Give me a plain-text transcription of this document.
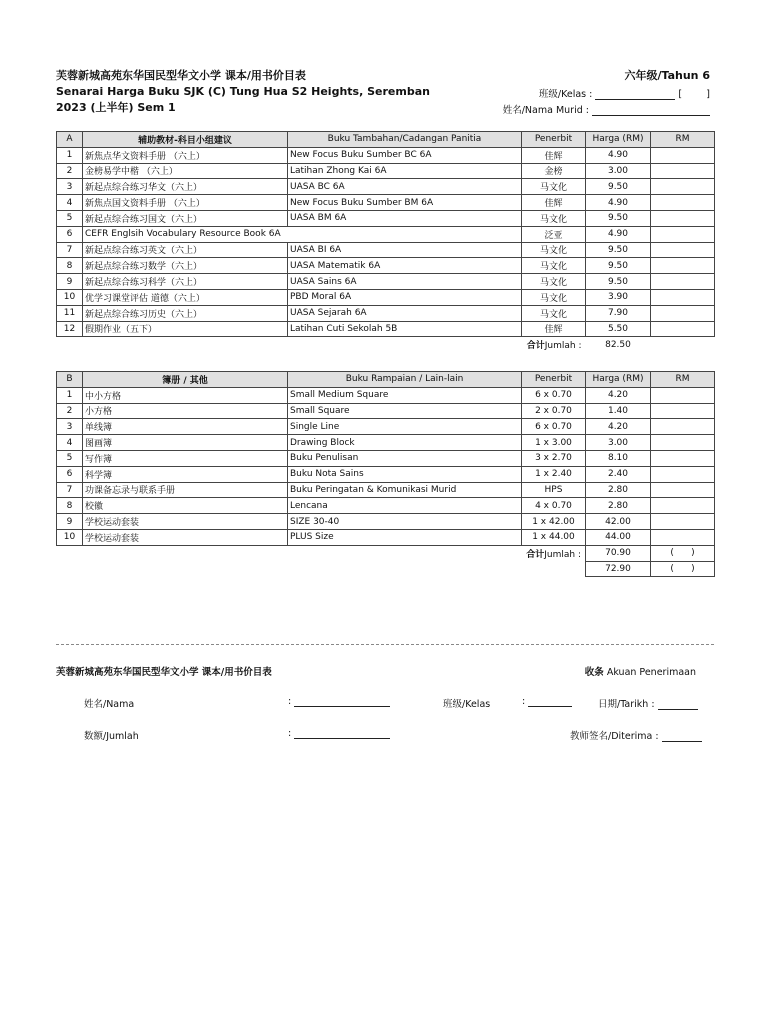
芙蓉新城高苑东华国民型华文小学 课本/用书价目表
Senarai Harga Buku SJK (C) Tung Hua S2 Heights, Seremban
2023 (上半年) Sem 1
六年级/Tahun 6
班级/Kelas :	[        ]
姓名/Nama Murid :
A	辅助教材-科目小组建议	Buku Tambahan/Cadangan Panitia	Penerbit	Harga (RM)	RM
1	新焦点华文资料手册 （六上）	New Focus Buku Sumber BC 6A	佳辉	4.90	
2	金榜易学中楷 （六上）	Latihan Zhong Kai 6A	金榜	3.00	
3	新起点综合练习华文（六上）	UASA BC 6A	马文化	9.50	
4	新焦点国文资料手册 （六上）	New Focus Buku Sumber BM 6A	佳辉	4.90	
5	新起点综合练习国文（六上）	UASA BM 6A	马文化	9.50	
6	CEFR Englsih Vocabulary Resource Book 6A		泛亚	4.90	
7	新起点综合练习英文（六上）	UASA BI 6A	马文化	9.50	
8	新起点综合练习数学（六上）	UASA Matematik 6A	马文化	9.50	
9	新起点综合练习科学（六上）	UASA Sains 6A	马文化	9.50	
10	优学习课堂评估 道德（六上）	PBD Moral 6A	马文化	3.90	
11	新起点综合练习历史（六上）	UASA Sejarah 6A	马文化	7.90	
12	假期作业（五下）	Latihan Cuti Sekolah 5B	佳辉	5.50	
			合计Jumlah :	82.50	
B	簿册 / 其他	Buku Rampaian / Lain-lain	Penerbit	Harga (RM)	RM
1	中小方格	Small Medium Square	6 x 0.70	4.20	
2	小方格	Small Square	2 x 0.70	1.40	
3	单线簿	Single Line	6 x 0.70	4.20	
4	图画簿	Drawing Block	1 x 3.00	3.00	
5	写作簿	Buku Penulisan	3 x 2.70	8.10	
6	科学簿	Buku Nota Sains	1 x 2.40	2.40	
7	功课备忘录与联系手册	Buku Peringatan & Komunikasi Murid	HPS	2.80	
8	校徽	Lencana	4 x 0.70	2.80	
9	学校运动套装	SIZE 30-40	1 x 42.00	42.00	
10	学校运动套装	PLUS Size	1 x 44.00	44.00	
			合计Jumlah :	70.90	(      )
				72.90	(      )
芙蓉新城高苑东华国民型华文小学 课本/用书价目表	收条 Akuan Penerimaan
姓名/Nama	:	班级/Kelas	:	日期/Tarikh :
数额/Jumlah	:	教师签名/Diterima :
